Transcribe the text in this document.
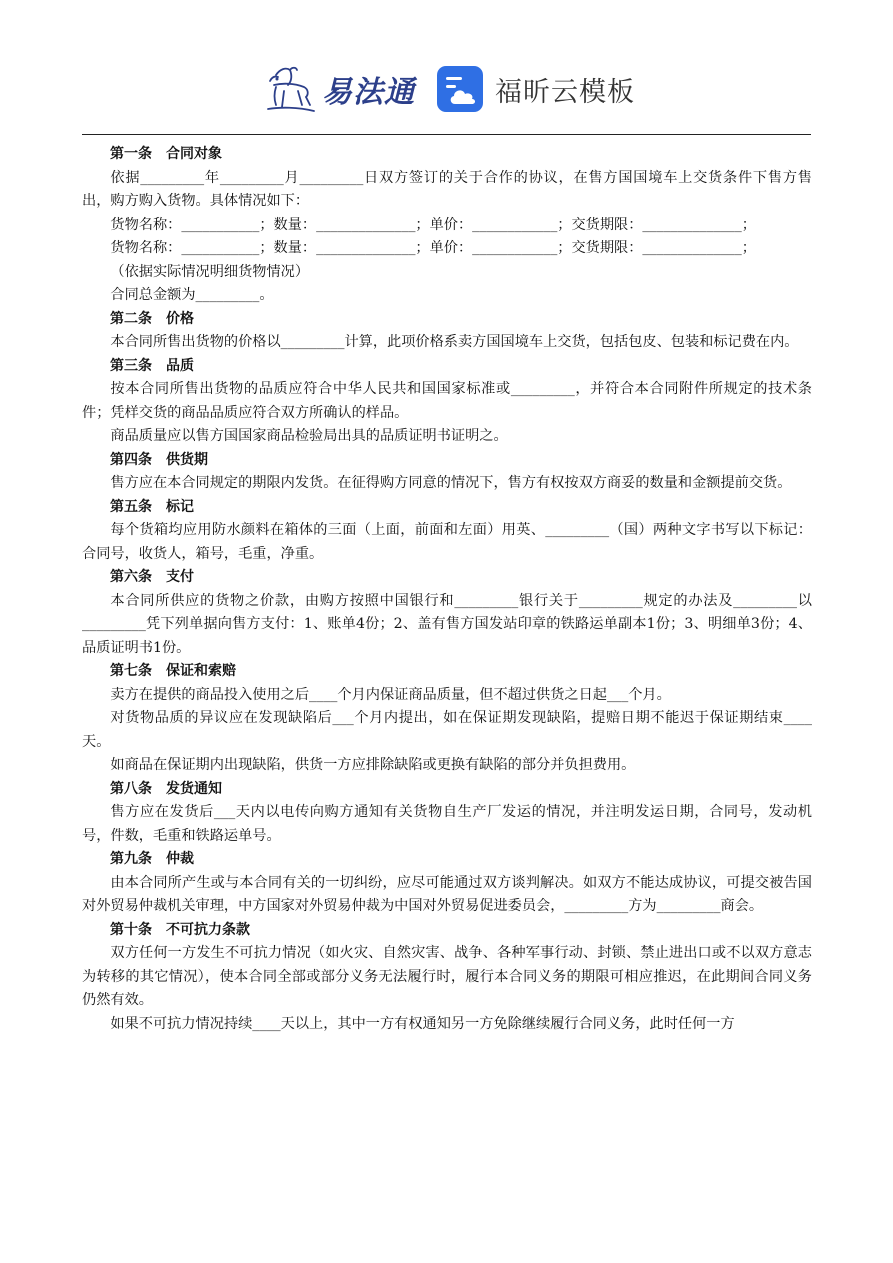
易法通	福昕云模板

第一条　合同对象

依据_________年_________月_________日双方签订的关于合作的协议，在售方国国境车上交货条件下售方售出，购方购入货物。具体情况如下：

货物名称：___________；数量：______________；单价：____________；交货期限：______________；

货物名称：___________；数量：______________；单价：____________；交货期限：______________；

（依据实际情况明细货物情况）

合同总金额为_________。

第二条　价格

本合同所售出货物的价格以_________计算，此项价格系卖方国国境车上交货，包括包皮、包装和标记费在内。

第三条　品质

按本合同所售出货物的品质应符合中华人民共和国国家标准或_________，并符合本合同附件所规定的技术条件；凭样交货的商品品质应符合双方所确认的样品。

商品质量应以售方国国家商品检验局出具的品质证明书证明之。

第四条　供货期

售方应在本合同规定的期限内发货。在征得购方同意的情况下，售方有权按双方商妥的数量和金额提前交货。

第五条　标记

每个货箱均应用防水颜料在箱体的三面（上面，前面和左面）用英、_________（国）两种文字书写以下标记：合同号，收货人，箱号，毛重，净重。

第六条　支付

本合同所供应的货物之价款，由购方按照中国银行和_________银行关于_________规定的办法及_________以_________凭下列单据向售方支付：1、账单4份；2、盖有售方国发站印章的铁路运单副本1份；3、明细单3份；4、品质证明书1份。

第七条　保证和索赔

卖方在提供的商品投入使用之后____个月内保证商品质量，但不超过供货之日起___个月。

对货物品质的异议应在发现缺陷后___个月内提出，如在保证期发现缺陷，提赔日期不能迟于保证期结束____天。

如商品在保证期内出现缺陷，供货一方应排除缺陷或更换有缺陷的部分并负担费用。

第八条　发货通知

售方应在发货后___天内以电传向购方通知有关货物自生产厂发运的情况，并注明发运日期，合同号，发动机号，件数，毛重和铁路运单号。

第九条　仲裁

由本合同所产生或与本合同有关的一切纠纷，应尽可能通过双方谈判解决。如双方不能达成协议，可提交被告国对外贸易仲裁机关审理，中方国家对外贸易仲裁为中国对外贸易促进委员会，_________方为_________商会。

第十条　不可抗力条款

双方任何一方发生不可抗力情况（如火灾、自然灾害、战争、各种军事行动、封锁、禁止进出口或不以双方意志为转移的其它情况），使本合同全部或部分义务无法履行时，履行本合同义务的期限可相应推迟，在此期间合同义务仍然有效。

如果不可抗力情况持续____天以上，其中一方有权通知另一方免除继续履行合同义务，此时任何一方
